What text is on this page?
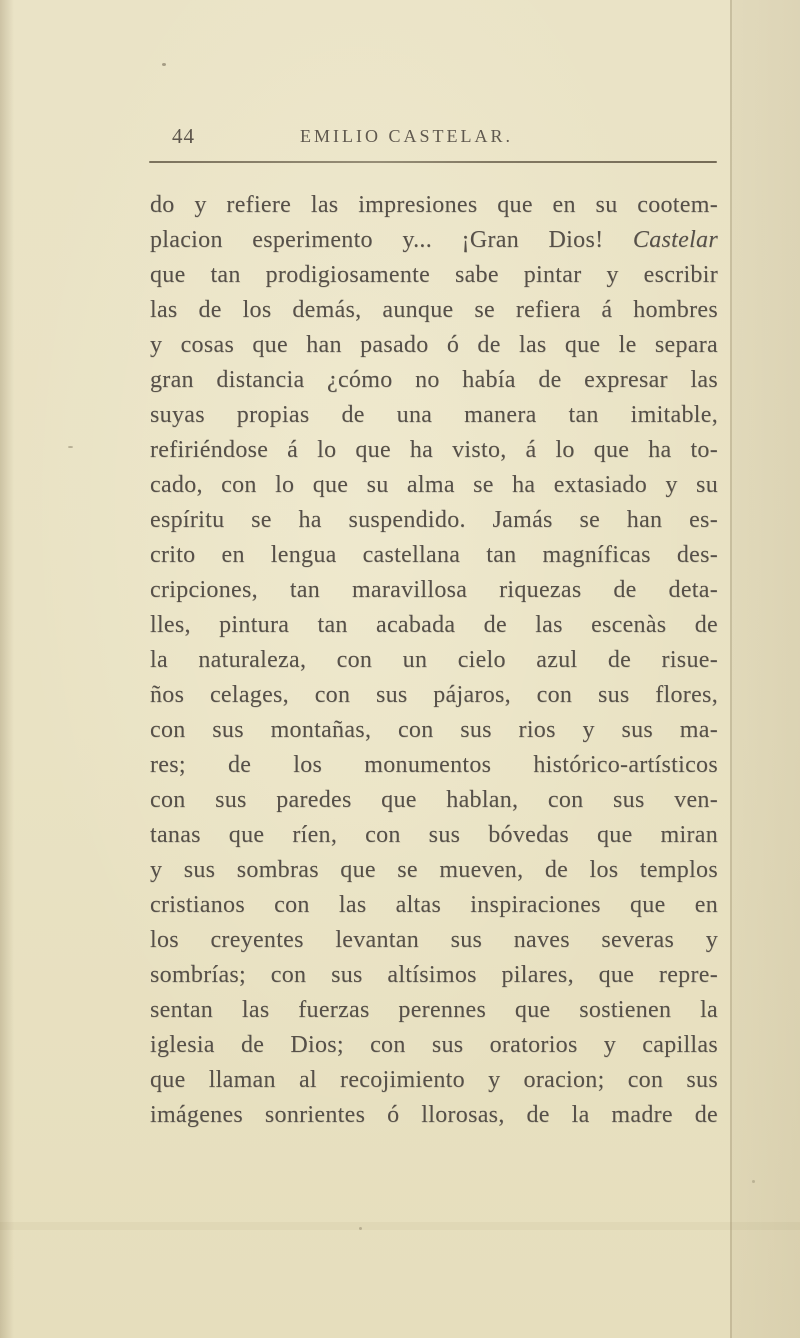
44	EMILIO CASTELAR.
do y refiere las impresiones que en su cootem-
placion esperimento y... ¡Gran Dios! Castelar
que tan prodigiosamente sabe pintar y escribir
las de los demás, aunque se refiera á hombres
y cosas que han pasado ó de las que le separa
gran distancia ¿cómo no había de expresar las
suyas propias de una manera tan imitable,
refiriéndose á lo que ha visto, á lo que ha to-
cado, con lo que su alma se ha extasiado y su
espíritu se ha suspendido. Jamás se han es-
crito en lengua castellana tan magníficas des-
cripciones, tan maravillosa riquezas de deta-
lles, pintura tan acabada de las escenàs de
la naturaleza, con un cielo azul de risue-
ños celages, con sus pájaros, con sus flores,
con sus montañas, con sus rios y sus ma-
res; de los monumentos histórico-artísticos
con sus paredes que hablan, con sus ven-
tanas que ríen, con sus bóvedas que miran
y sus sombras que se mueven, de los templos
cristianos con las altas inspiraciones que en
los creyentes levantan sus naves severas y
sombrías; con sus altísimos pilares, que repre-
sentan las fuerzas perennes que sostienen la
iglesia de Dios; con sus oratorios y capillas
que llaman al recojimiento y oracion; con sus
imágenes sonrientes ó llorosas, de la madre de
